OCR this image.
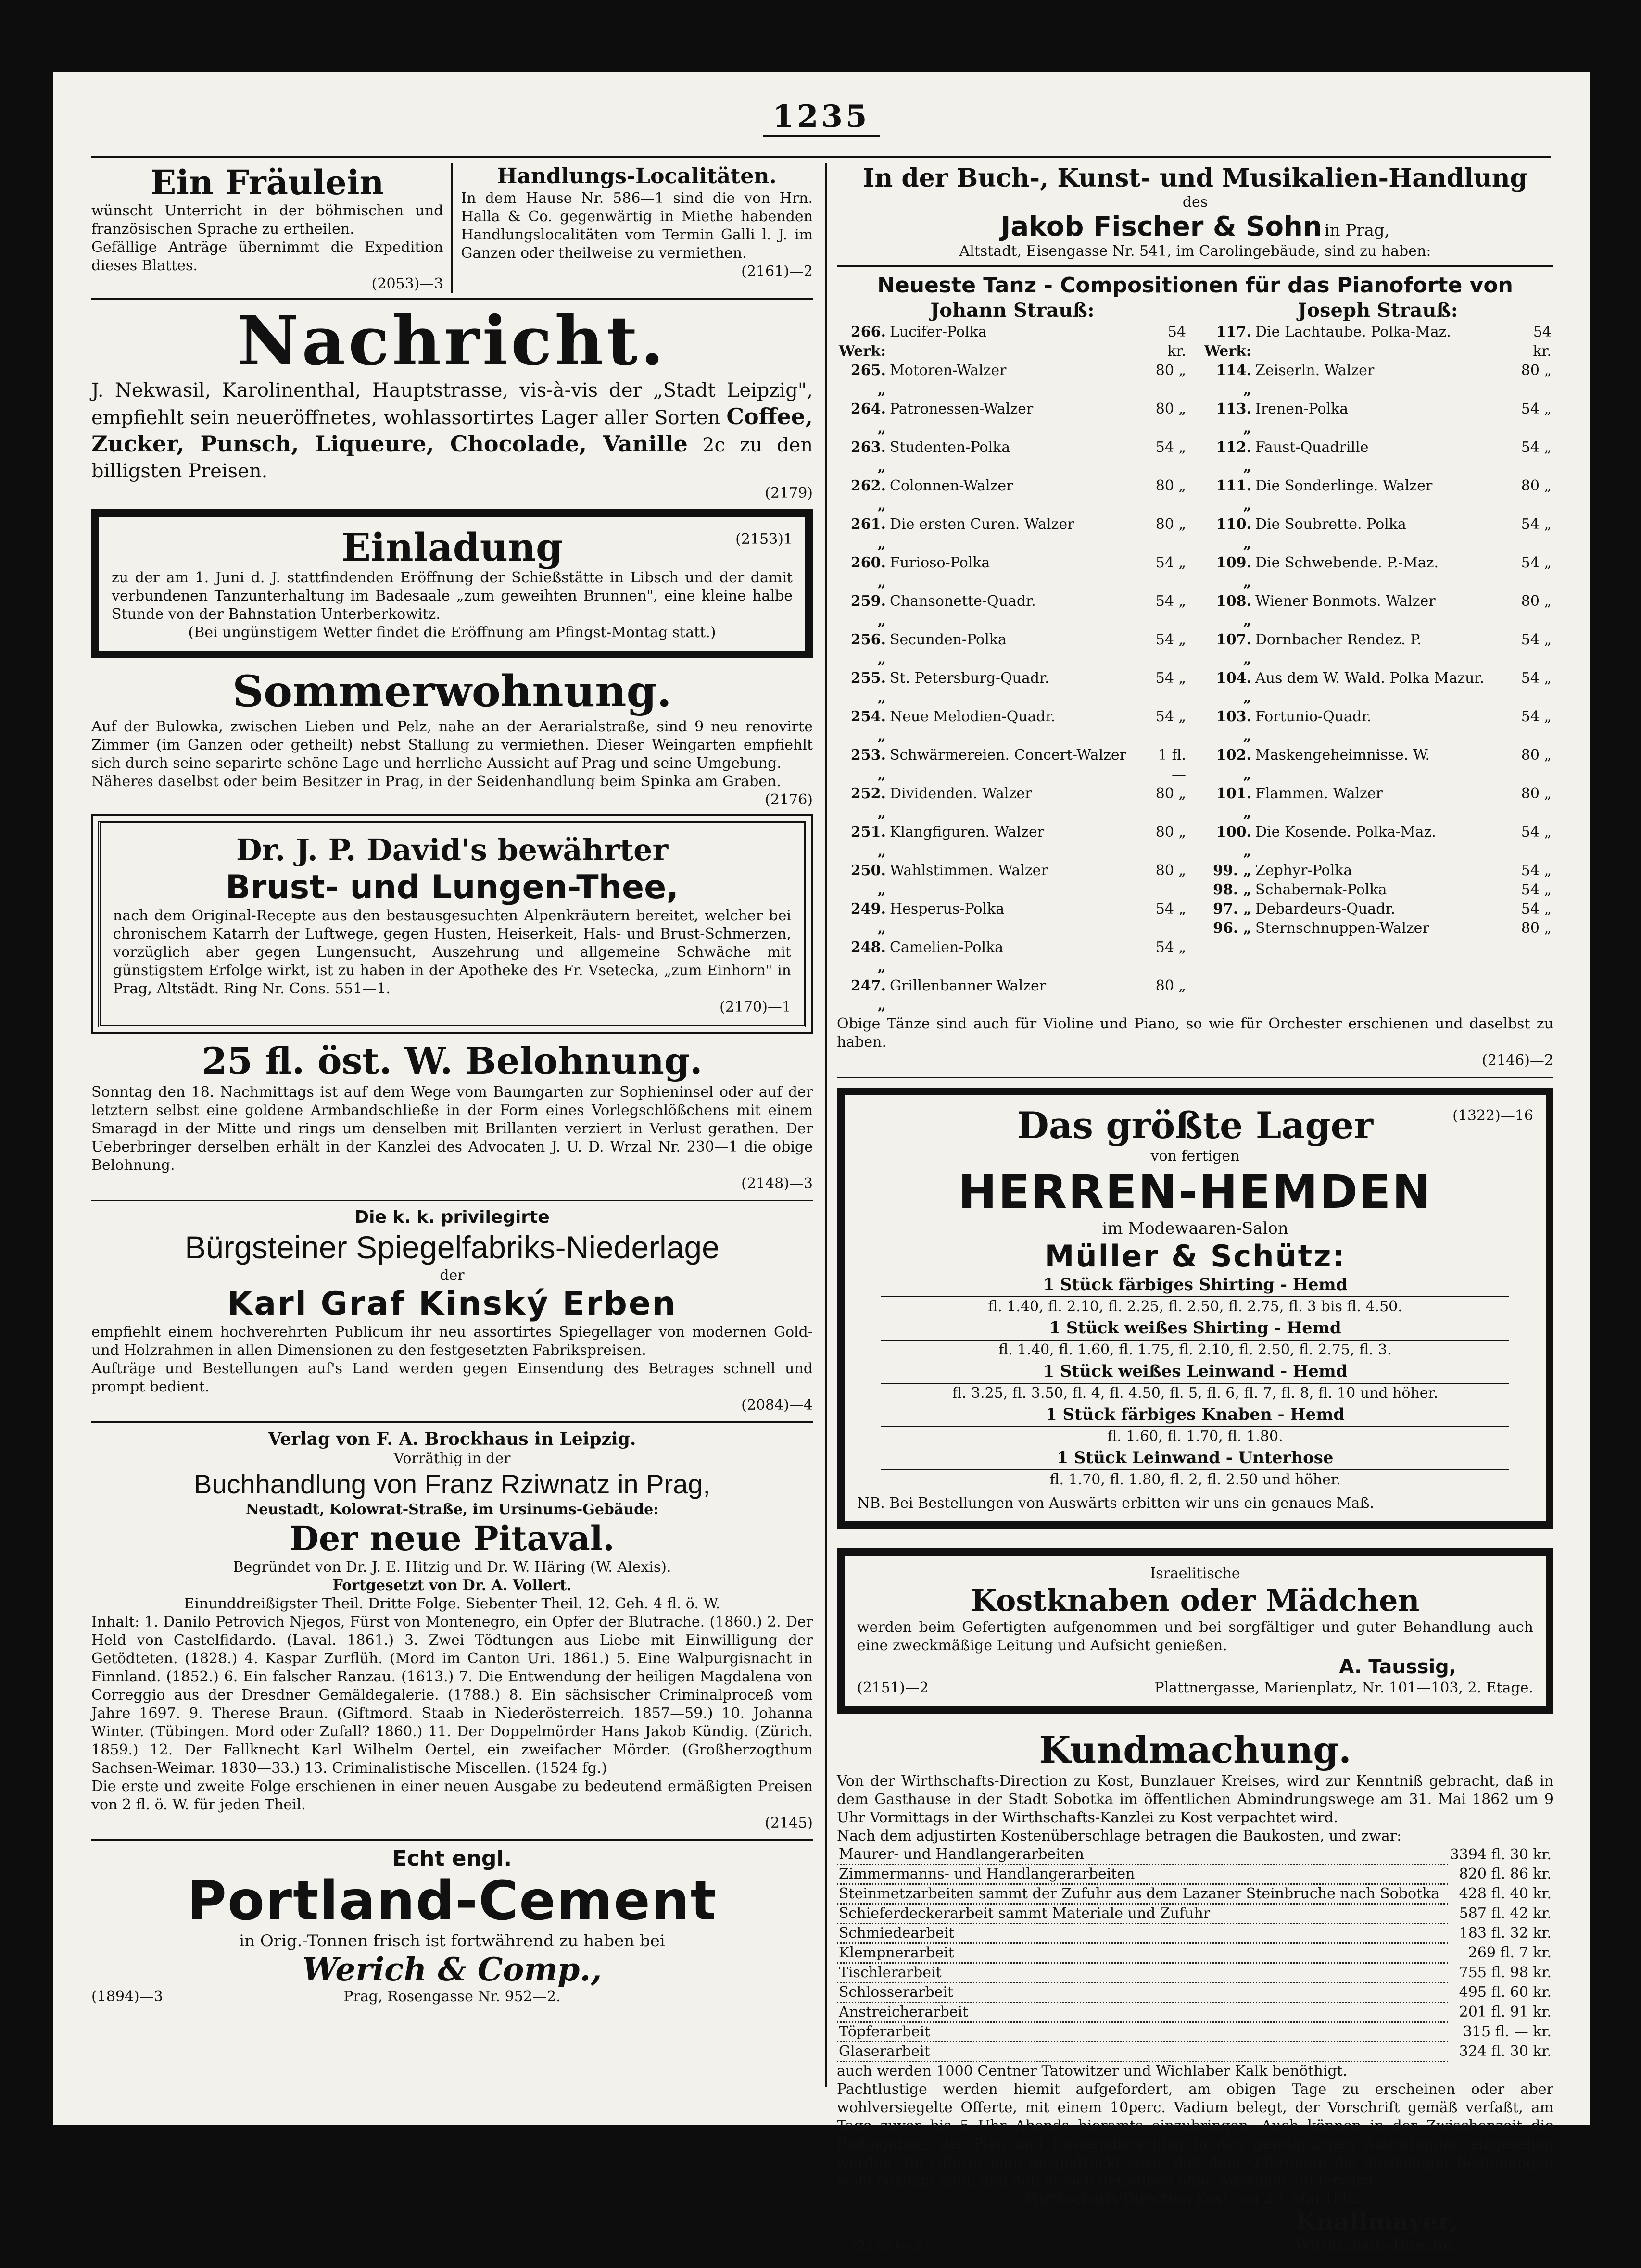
1235
Ein Fräulein
wünscht Unterricht in der böhmischen und französischen Sprache zu ertheilen.
Gefällige Anträge übernimmt die Expedition dieses Blattes.
(2053)—3
Handlungs-Localitäten.
In dem Hause Nr. 586—1 sind die von Hrn. Halla & Co. gegenwärtig in Miethe habenden Handlungslocalitäten vom Termin Galli l. J. im Ganzen oder theilweise zu vermiethen.
(2161)—2
Nachricht.
J. Nekwasil, Karolinenthal, Hauptstrasse, vis-à-vis der „Stadt Leipzig", empfiehlt sein neueröffnetes, wohlassortirtes Lager aller Sorten Coffee, Zucker, Punsch, Liqueure, Chocolade, Vanille 2c zu den billigsten Preisen.
(2179)
Einladung	(2153)1
zu der am 1. Juni d. J. stattfindenden Eröffnung der Schießstätte in Libsch und der damit verbundenen Tanzunterhaltung im Badesaale „zum geweihten Brunnen", eine kleine halbe Stunde von der Bahnstation Unterberkowitz.
(Bei ungünstigem Wetter findet die Eröffnung am Pfingst-Montag statt.)
Sommerwohnung.
Auf der Bulowka, zwischen Lieben und Pelz, nahe an der Aerarialstraße, sind 9 neu renovirte Zimmer (im Ganzen oder getheilt) nebst Stallung zu vermiethen. Dieser Weingarten empfiehlt sich durch seine separirte schöne Lage und herrliche Aussicht auf Prag und seine Umgebung.
Näheres daselbst oder beim Besitzer in Prag, in der Seidenhandlung beim Spinka am Graben.
(2176)
Dr. J. P. David's bewährter
Brust- und Lungen-Thee,
nach dem Original-Recepte aus den bestausgesuchten Alpenkräutern bereitet, welcher bei chronischem Katarrh der Luftwege, gegen Husten, Heiserkeit, Hals- und Brust-Schmerzen, vorzüglich aber gegen Lungensucht, Auszehrung und allgemeine Schwäche mit günstigstem Erfolge wirkt, ist zu haben in der Apotheke des Fr. Vsetecka, „zum Einhorn" in Prag, Altstädt. Ring Nr. Cons. 551—1.
(2170)—1
25 fl. öst. W. Belohnung.
Sonntag den 18. Nachmittags ist auf dem Wege vom Baumgarten zur Sophieninsel oder auf der letztern selbst eine goldene Armbandschließe in der Form eines Vorlegschlößchens mit einem Smaragd in der Mitte und rings um denselben mit Brillanten verziert in Verlust gerathen. Der Ueberbringer derselben erhält in der Kanzlei des Advocaten J. U. D. Wrzal Nr. 230—1 die obige Belohnung.
(2148)—3
Die k. k. privilegirte
Bürgsteiner Spiegelfabriks-Niederlage
der
Karl Graf Kinský Erben
empfiehlt einem hochverehrten Publicum ihr neu assortirtes Spiegellager von modernen Gold- und Holzrahmen in allen Dimensionen zu den festgesetzten Fabrikspreisen.
Aufträge und Bestellungen auf's Land werden gegen Einsendung des Betrages schnell und prompt bedient.
(2084)—4
Verlag von F. A. Brockhaus in Leipzig.
Vorräthig in der
Buchhandlung von Franz Rziwnatz in Prag,
Neustadt, Kolowrat-Straße, im Ursinums-Gebäude:
Der neue Pitaval.
Begründet von Dr. J. E. Hitzig und Dr. W. Häring (W. Alexis).
Fortgesetzt von Dr. A. Vollert.
Einunddreißigster Theil. Dritte Folge. Siebenter Theil. 12. Geh. 4 fl. ö. W.
Inhalt: 1. Danilo Petrovich Njegos, Fürst von Montenegro, ein Opfer der Blutrache. (1860.) 2. Der Held von Castelfidardo. (Laval. 1861.) 3. Zwei Tödtungen aus Liebe mit Einwilligung der Getödteten. (1828.) 4. Kaspar Zurflüh. (Mord im Canton Uri. 1861.) 5. Eine Walpurgisnacht in Finnland. (1852.) 6. Ein falscher Ranzau. (1613.) 7. Die Entwendung der heiligen Magdalena von Correggio aus der Dresdner Gemäldegalerie. (1788.) 8. Ein sächsischer Criminalproceß vom Jahre 1697. 9. Therese Braun. (Giftmord. Staab in Niederösterreich. 1857—59.) 10. Johanna Winter. (Tübingen. Mord oder Zufall? 1860.) 11. Der Doppelmörder Hans Jakob Kündig. (Zürich. 1859.) 12. Der Fallknecht Karl Wilhelm Oertel, ein zweifacher Mörder. (Großherzogthum Sachsen-Weimar. 1830—33.) 13. Criminalistische Miscellen. (1524 fg.)
Die erste und zweite Folge erschienen in einer neuen Ausgabe zu bedeutend ermäßigten Preisen von 2 fl. ö. W. für jeden Theil.
(2145)
Echt engl.
Portland-Cement
in Orig.-Tonnen frisch ist fortwährend zu haben bei
Werich & Comp.,
(1894)—3	Prag, Rosengasse Nr. 952—2.
In der Buch-, Kunst- und Musikalien-Handlung
des
Jakob Fischer & Sohn in Prag,
Altstadt, Eisengasse Nr. 541, im Carolingebäude, sind zu haben:
Neueste Tanz - Compositionen für das Pianoforte von
Johann Strauß:
266. Werk:	Lucifer-Polka	54 kr.
265. „	Motoren-Walzer	80 „
264. „	Patronessen-Walzer	80 „
263. „	Studenten-Polka	54 „
262. „	Colonnen-Walzer	80 „
261. „	Die ersten Curen. Walzer	80 „
260. „	Furioso-Polka	54 „
259. „	Chansonette-Quadr.	54 „
256. „	Secunden-Polka	54 „
255. „	St. Petersburg-Quadr.	54 „
254. „	Neue Melodien-Quadr.	54 „
253. „	Schwärmereien. Concert-Walzer	1 fl. —
252. „	Dividenden. Walzer	80 „
251. „	Klangfiguren. Walzer	80 „
250. „	Wahlstimmen. Walzer	80 „
249. „	Hesperus-Polka	54 „
248. „	Camelien-Polka	54 „
247. „	Grillenbanner Walzer	80 „
Joseph Strauß:
117. Werk:	Die Lachtaube. Polka-Maz.	54 kr.
114. „	Zeiserln. Walzer	80 „
113. „	Irenen-Polka	54 „
112. „	Faust-Quadrille	54 „
111. „	Die Sonderlinge. Walzer	80 „
110. „	Die Soubrette. Polka	54 „
109. „	Die Schwebende. P.-Maz.	54 „
108. „	Wiener Bonmots. Walzer	80 „
107. „	Dornbacher Rendez. P.	54 „
104. „	Aus dem W. Wald. Polka Mazur.	54 „
103. „	Fortunio-Quadr.	54 „
102. „	Maskengeheimnisse. W.	80 „
101. „	Flammen. Walzer	80 „
100. „	Die Kosende. Polka-Maz.	54 „
99. „	Zephyr-Polka	54 „
98. „	Schabernak-Polka	54 „
97. „	Debardeurs-Quadr.	54 „
96. „	Sternschnuppen-Walzer	80 „
Obige Tänze sind auch für Violine und Piano, so wie für Orchester erschienen und daselbst zu haben.
(2146)—2
Das größte Lager	(1322)—16
von fertigen
HERREN-HEMDEN
im Modewaaren-Salon
Müller & Schütz:
1 Stück färbiges Shirting - Hemd
fl. 1.40, fl. 2.10, fl. 2.25, fl. 2.50, fl. 2.75, fl. 3 bis fl. 4.50.
1 Stück weißes Shirting - Hemd
fl. 1.40, fl. 1.60, fl. 1.75, fl. 2.10, fl. 2.50, fl. 2.75, fl. 3.
1 Stück weißes Leinwand - Hemd
fl. 3.25, fl. 3.50, fl. 4, fl. 4.50, fl. 5, fl. 6, fl. 7, fl. 8, fl. 10 und höher.
1 Stück färbiges Knaben - Hemd
fl. 1.60, fl. 1.70, fl. 1.80.
1 Stück Leinwand - Unterhose
fl. 1.70, fl. 1.80, fl. 2, fl. 2.50 und höher.
NB. Bei Bestellungen von Auswärts erbitten wir uns ein genaues Maß.
Israelitische
Kostknaben oder Mädchen
werden beim Gefertigten aufgenommen und bei sorgfältiger und guter Behandlung auch eine zweckmäßige Leitung und Aufsicht genießen.
A. Taussig,
(2151)—2	Plattnergasse, Marienplatz, Nr. 101—103, 2. Etage.
Kundmachung.
Von der Wirthschafts-Direction zu Kost, Bunzlauer Kreises, wird zur Kenntniß gebracht, daß in dem Gasthause in der Stadt Sobotka im öffentlichen Abmindrungswege am 31. Mai 1862 um 9 Uhr Vormittags in der Wirthschafts-Kanzlei zu Kost verpachtet wird.
Nach dem adjustirten Kostenüberschlage betragen die Baukosten, und zwar:
Maurer- und Handlangerarbeiten	3394 fl. 30 kr.
Zimmermanns- und Handlangerarbeiten	820 fl. 86 kr.
Steinmetzarbeiten sammt der Zufuhr aus dem Lazaner Steinbruche nach Sobotka	428 fl. 40 kr.
Schieferdeckerarbeit sammt Materiale und Zufuhr	587 fl. 42 kr.
Schmiedearbeit	183 fl. 32 kr.
Klempnerarbeit	269 fl. 7 kr.
Tischlerarbeit	755 fl. 98 kr.
Schlosserarbeit	495 fl. 60 kr.
Anstreicherarbeit	201 fl. 91 kr.
Töpferarbeit	315 fl. — kr.
Glaserarbeit	324 fl. 30 kr.
auch werden 1000 Centner Tatowitzer und Wichlaber Kalk benöthigt.
Pachtlustige werden hiemit aufgefordert, am obigen Tage zu erscheinen oder aber wohlversiegelte Offerte, mit einem 10perc. Vadium belegt, der Vorschrift gemäß verfaßt, am Tage zuvor bis 5 Uhr Abends hieramts einzubringen. Auch können in der Zwischenzeit die Bedingnisse, der Plan und Kostenüberschlag in den gewöhnlichen Amtsstunden eingesehen werden. Im Offerte muß ausgedrückt seyn, daß dem Offerenten die diesfälligen Bedingungen wohl bekannt sind, und daß er sich denselben ohne Ausnahme unterwirft.
Wirthschafts-Direction Kost, am 20. Mai 1862.
(2152)—2
Knallmayer,
Wirthschafts-Director.
